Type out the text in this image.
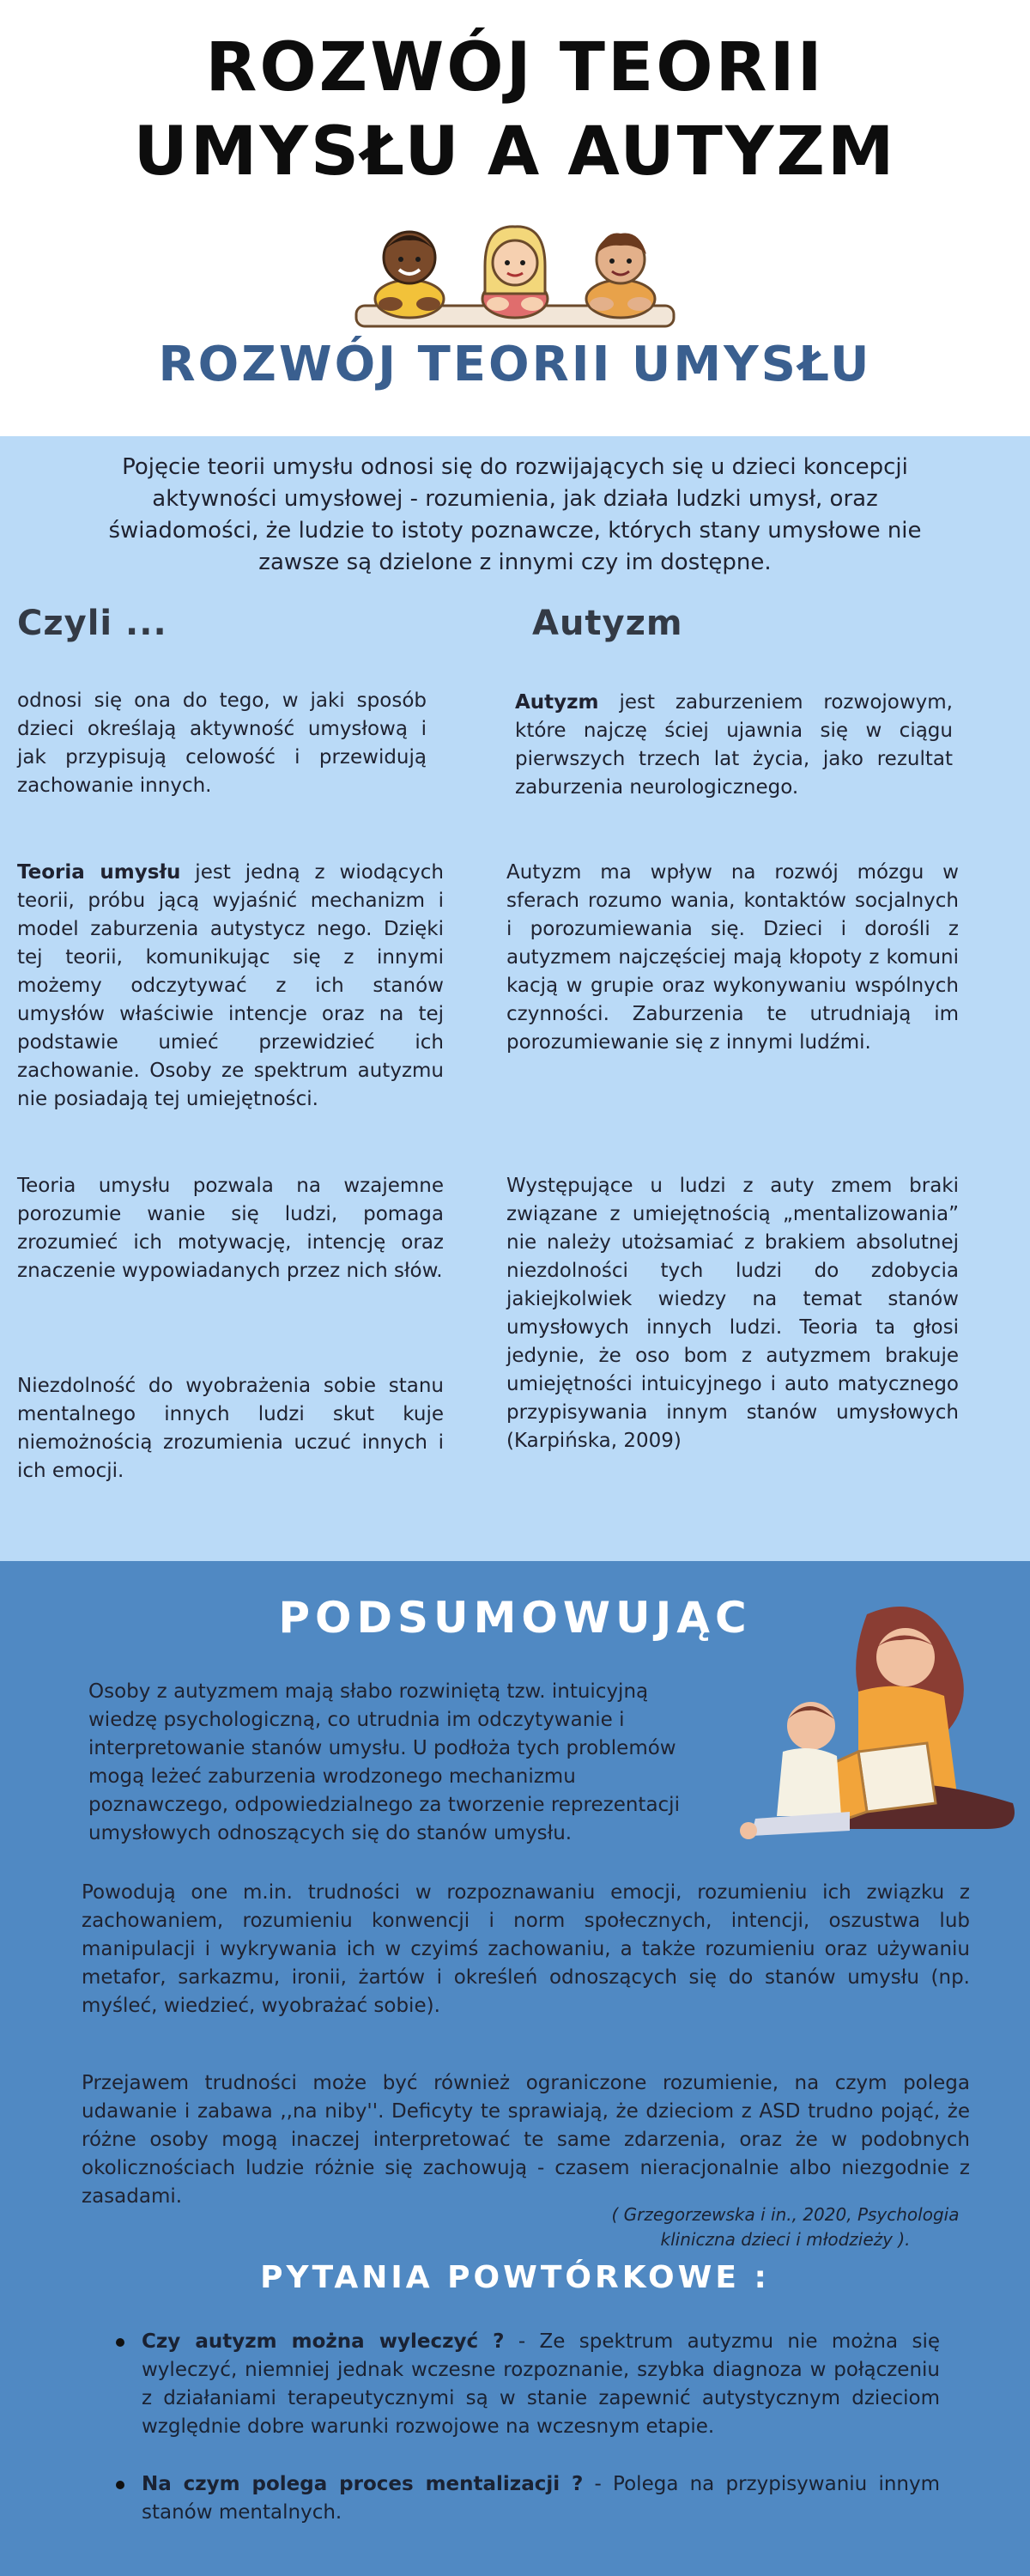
ROZWÓJ TEORII
UMYSŁU A AUTYZM
ROZWÓJ TEORII UMYSŁU
Pojęcie teorii umysłu odnosi się do rozwijających się u dzieci koncepcji aktywności umysłowej - rozumienia, jak działa ludzki umysł, oraz świadomości, że ludzie to istoty poznawcze, których stany umysłowe nie zawsze są dzielone z innymi czy im dostępne.
Czyli ...	Autyzm
odnosi się ona do tego, w jaki sposób dzieci określają aktywność umysłową i jak przypisują celowość i przewidują zachowanie innych.
Teoria umysłu jest jedną z wiodących teorii, próbu jącą wyjaśnić mechanizm i model zaburzenia autystycz nego. Dzięki tej teorii, komunikując się z innymi możemy odczytywać z ich stanów umysłów właściwie intencje oraz na tej podstawie umieć przewidzieć ich zachowanie. Osoby ze spektrum autyzmu nie posiadają tej umiejętności.
Teoria umysłu pozwala na wzajemne porozumie wanie się ludzi, pomaga zrozumieć ich motywację, intencję oraz znaczenie wypowiadanych przez nich słów.
Niezdolność do wyobrażenia sobie stanu mentalnego innych ludzi skut kuje niemożnością zrozumienia uczuć innych i ich emocji.
Autyzm jest zaburzeniem rozwojowym, które najczę ściej ujawnia się w ciągu pierwszych trzech lat życia, jako rezultat zaburzenia neurologicznego.
Autyzm ma wpływ na rozwój mózgu w sferach rozumo wania, kontaktów socjalnych i porozumiewania się. Dzieci i dorośli z autyzmem najczęściej mają kłopoty z komuni kacją w grupie oraz wykonywaniu wspólnych czynności. Zaburzenia te utrudniają im porozumiewanie się z innymi ludźmi.
Występujące u ludzi z auty zmem braki związane z umiejętnością „mentalizowania” nie należy utożsamiać z brakiem absolutnej niezdolności tych ludzi do zdobycia jakiejkolwiek wiedzy na temat stanów umysłowych innych ludzi. Teoria ta głosi jedynie, że oso bom z autyzmem brakuje umiejętności intuicyjnego i auto matycznego przypisywania innym stanów umysłowych (Karpińska, 2009)
PODSUMOWUJĄC
Osoby z autyzmem mają słabo rozwiniętą tzw. intuicyjną wiedzę psychologiczną, co utrudnia im odczytywanie i interpretowanie stanów umysłu. U podłoża tych problemów mogą leżeć zaburzenia wrodzonego mechanizmu poznawczego, odpowiedzialnego za tworzenie reprezentacji umysłowych odnoszących się do stanów umysłu.
Powodują one m.in. trudności w rozpoznawaniu emocji, rozumieniu ich związku z zachowaniem, rozumieniu konwencji i norm społecznych, intencji, oszustwa lub manipulacji i wykrywania ich w czyimś zachowaniu, a także rozumieniu oraz używaniu metafor, sarkazmu, ironii, żartów i określeń odnoszących się do stanów umysłu (np. myśleć, wiedzieć, wyobrażać sobie).
Przejawem trudności może być również ograniczone rozumienie, na czym polega udawanie i zabawa ,,na niby''. Deficyty te sprawiają, że dzieciom z ASD trudno pojąć, że różne osoby mogą inaczej interpretować te same zdarzenia, oraz że w podobnych okolicznościach ludzie różnie się zachowują - czasem nieracjonalnie albo niezgodnie z zasadami.
( Grzegorzewska i in., 2020, Psychologia kliniczna dzieci i młodzieży ).
PYTANIA POWTÓRKOWE :
Czy autyzm można wyleczyć ? - Ze spektrum autyzmu nie można się wyleczyć, niemniej jednak wczesne rozpoznanie, szybka diagnoza w połączeniu z działaniami terapeutycznymi są w stanie zapewnić autystycznym dzieciom względnie dobre warunki rozwojowe na wczesnym etapie.
Na czym polega proces mentalizacji ? - Polega na przypisywaniu innym stanów mentalnych.
